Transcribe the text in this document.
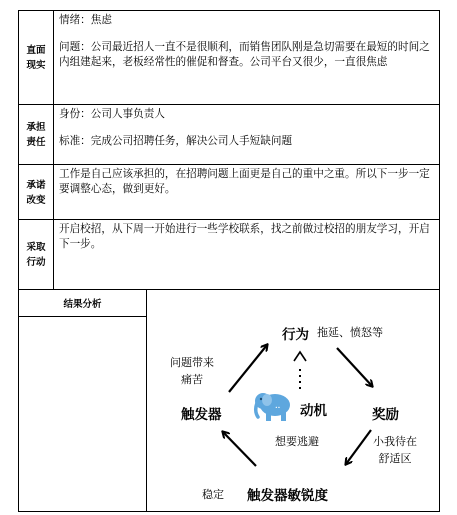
直面现实

情绪：焦虑

问题：公司最近招人一直不是很顺利，而销售团队刚是急切需要在最短的时间之内组建起来，老板经常性的催促和督查。公司平台又很少，一直很焦虑

承担责任

身份：公司人事负责人

标准：完成公司招聘任务，解决公司人手短缺问题

承诺改变

工作是自己应该承担的，在招聘问题上面更是自己的重中之重。所以下一步一定要调整心态，做到更好。

采取行动

开启校招，从下周一开始进行一些学校联系，找之前做过校招的朋友学习，开启下一步。

结果分析
••
行为 拖延、愤怒等
问题带来
痛苦
触发器	动机	奖励
想要逃避	小我待在
舒适区
稳定 触发器敏锐度
